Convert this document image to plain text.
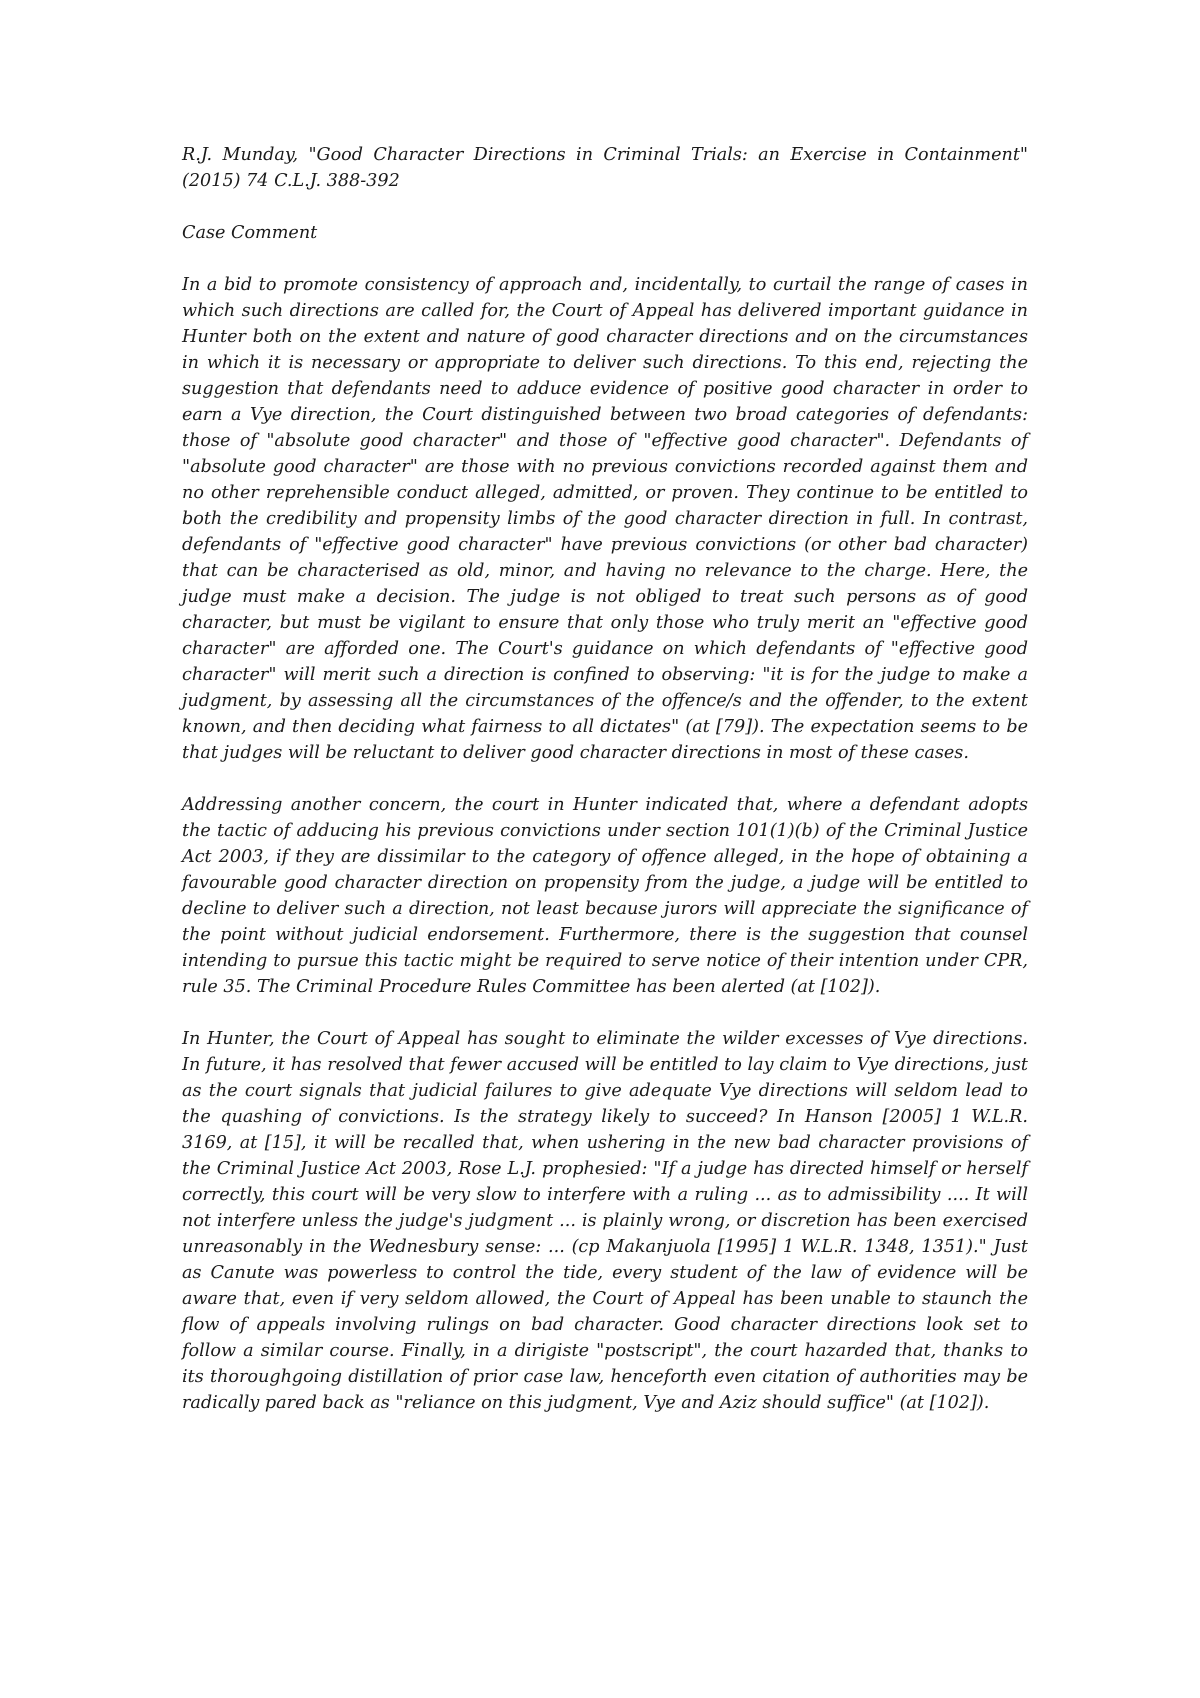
R.J. Munday, "Good Character Directions in Criminal Trials: an Exercise in Containment" (2015) 74 C.L.J. 388-392

Case Comment

In a bid to promote consistency of approach and, incidentally, to curtail the range of cases in which such directions are called for, the Court of Appeal has delivered important guidance in Hunter both on the extent and nature of good character directions and on the circumstances in which it is necessary or appropriate to deliver such directions. To this end, rejecting the suggestion that defendants need to adduce evidence of positive good character in order to earn a Vye direction, the Court distinguished between two broad categories of defendants: those of "absolute good character" and those of "effective good character". Defendants of "absolute good character" are those with no previous convictions recorded against them and no other reprehensible conduct alleged, admitted, or proven. They continue to be entitled to both the credibility and propensity limbs of the good character direction in full. In contrast, defendants of "effective good character" have previous convictions (or other bad character) that can be characterised as old, minor, and having no relevance to the charge. Here, the judge must make a decision. The judge is not obliged to treat such persons as of good character, but must be vigilant to ensure that only those who truly merit an "effective good character" are afforded one. The Court's guidance on which defendants of "effective good character" will merit such a direction is confined to observing: "it is for the judge to make a judgment, by assessing all the circumstances of the offence/s and the offender, to the extent known, and then deciding what fairness to all dictates" (at [79]). The expectation seems to be that judges will be reluctant to deliver good character directions in most of these cases.

Addressing another concern, the court in Hunter indicated that, where a defendant adopts the tactic of adducing his previous convictions under section 101(1)(b) of the Criminal Justice Act 2003, if they are dissimilar to the category of offence alleged, in the hope of obtaining a favourable good character direction on propensity from the judge, a judge will be entitled to decline to deliver such a direction, not least because jurors will appreciate the significance of the point without judicial endorsement. Furthermore, there is the suggestion that counsel intending to pursue this tactic might be required to serve notice of their intention under CPR, rule 35. The Criminal Procedure Rules Committee has been alerted (at [102]).

In Hunter, the Court of Appeal has sought to eliminate the wilder excesses of Vye directions. In future, it has resolved that fewer accused will be entitled to lay claim to Vye directions, just as the court signals that judicial failures to give adequate Vye directions will seldom lead to the quashing of convictions. Is the strategy likely to succeed? In Hanson [2005] 1 W.L.R. 3169, at [15], it will be recalled that, when ushering in the new bad character provisions of the Criminal Justice Act 2003, Rose L.J. prophesied: "If a judge has directed himself or herself correctly, this court will be very slow to interfere with a ruling ... as to admissibility .... It will not interfere unless the judge's judgment ... is plainly wrong, or discretion has been exercised unreasonably in the Wednesbury sense: ... (cp Makanjuola [1995] 1 W.L.R. 1348, 1351)." Just as Canute was powerless to control the tide, every student of the law of evidence will be aware that, even if very seldom allowed, the Court of Appeal has been unable to staunch the flow of appeals involving rulings on bad character. Good character directions look set to follow a similar course. Finally, in a dirigiste "postscript", the court hazarded that, thanks to its thoroughgoing distillation of prior case law, henceforth even citation of authorities may be radically pared back as "reliance on this judgment, Vye and Aziz should suffice" (at [102]).
